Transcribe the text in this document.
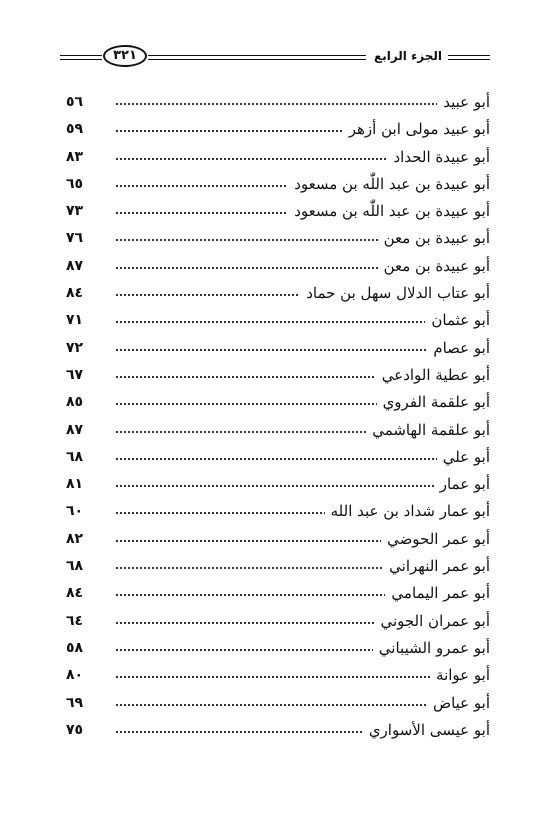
٣٢١	الجزء الرابع
أبو عبيد
٥٦
أبو عبيد مولى ابن أزهر
٥٩
أبو عبيدة الحداد
٨٣
أبو عبيدة بن عبد اللّٰه بن مسعود
٦٥
أبو عبيدة بن عبد اللّٰه بن مسعود
٧٣
أبو عبيدة بن معن
٧٦
أبو عبيدة بن معن
٨٧
أبو عتاب الدلال سهل بن حماد
٨٤
أبو عثمان
٧١
أبو عصام
٧٢
أبو عطية الوادعي
٦٧
أبو علقمة الفروي
٨٥
أبو علقمة الهاشمي
٨٧
أبو علي
٦٨
أبو عمار
٨١
أبو عمار شداد بن عبد الله
٦٠
أبو عمر الحوضي
٨٢
أبو عمر النهراني
٦٨
أبو عمر اليمامي
٨٤
أبو عمران الجوني
٦٤
أبو عمرو الشيباني
٥٨
أبو عوانة
٨٠
أبو عياض
٦٩
أبو عيسى الأسواري
٧٥
